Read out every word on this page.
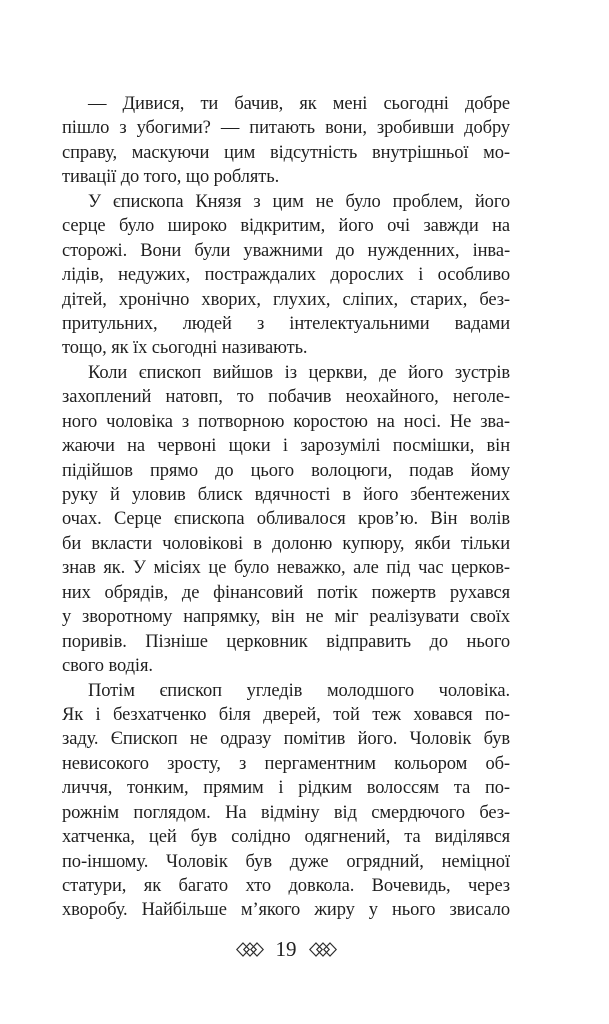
— Дивися, ти бачив, як мені сьогодні добре
пішло з убогими? — питають вони, зробивши добру
справу, маскуючи цим відсутність внутрішньої мо-
тивації до того, що роблять.
У єпископа Князя з цим не було проблем, його
серце було широко відкритим, його очі завжди на
сторожі. Вони були уважними до нужденних, інва-
лідів, недужих, постраждалих дорослих і особливо
дітей, хронічно хворих, глухих, сліпих, старих, без-
притульних, людей з інтелектуальними вадами
тощо, як їх сьогодні називають.
Коли єпископ вийшов із церкви, де його зустрів
захоплений натовп, то побачив неохайного, неголе-
ного чоловіка з потворною коростою на носі. Не зва-
жаючи на червоні щоки і зарозумілі посмішки, він
підійшов прямо до цього волоцюги, подав йому
руку й уловив блиск вдячності в його збентежених
очах. Серце єпископа обливалося кров’ю. Він волів
би вкласти чоловікові в долоню купюру, якби тільки
знав як. У місіях це було неважко, але під час церков-
них обрядів, де фінансовий потік пожертв рухався
у зворотному напрямку, він не міг реалізувати своїх
поривів. Пізніше церковник відправить до нього
свого водія.
Потім єпископ угледів молодшого чоловіка.
Як і безхатченко біля дверей, той теж ховався по-
заду. Єпископ не одразу помітив його. Чоловік був
невисокого зросту, з пергаментним кольором об-
личчя, тонким, прямим і рідким волоссям та по-
рожнім поглядом. На відміну від смердючого без-
хатченка, цей був солідно одягнений, та виділявся
по-іншому. Чоловік був дуже огрядний, неміцної
статури, як багато хто довкола. Вочевидь, через
хворобу. Найбільше м’якого жиру у нього звисало
19
